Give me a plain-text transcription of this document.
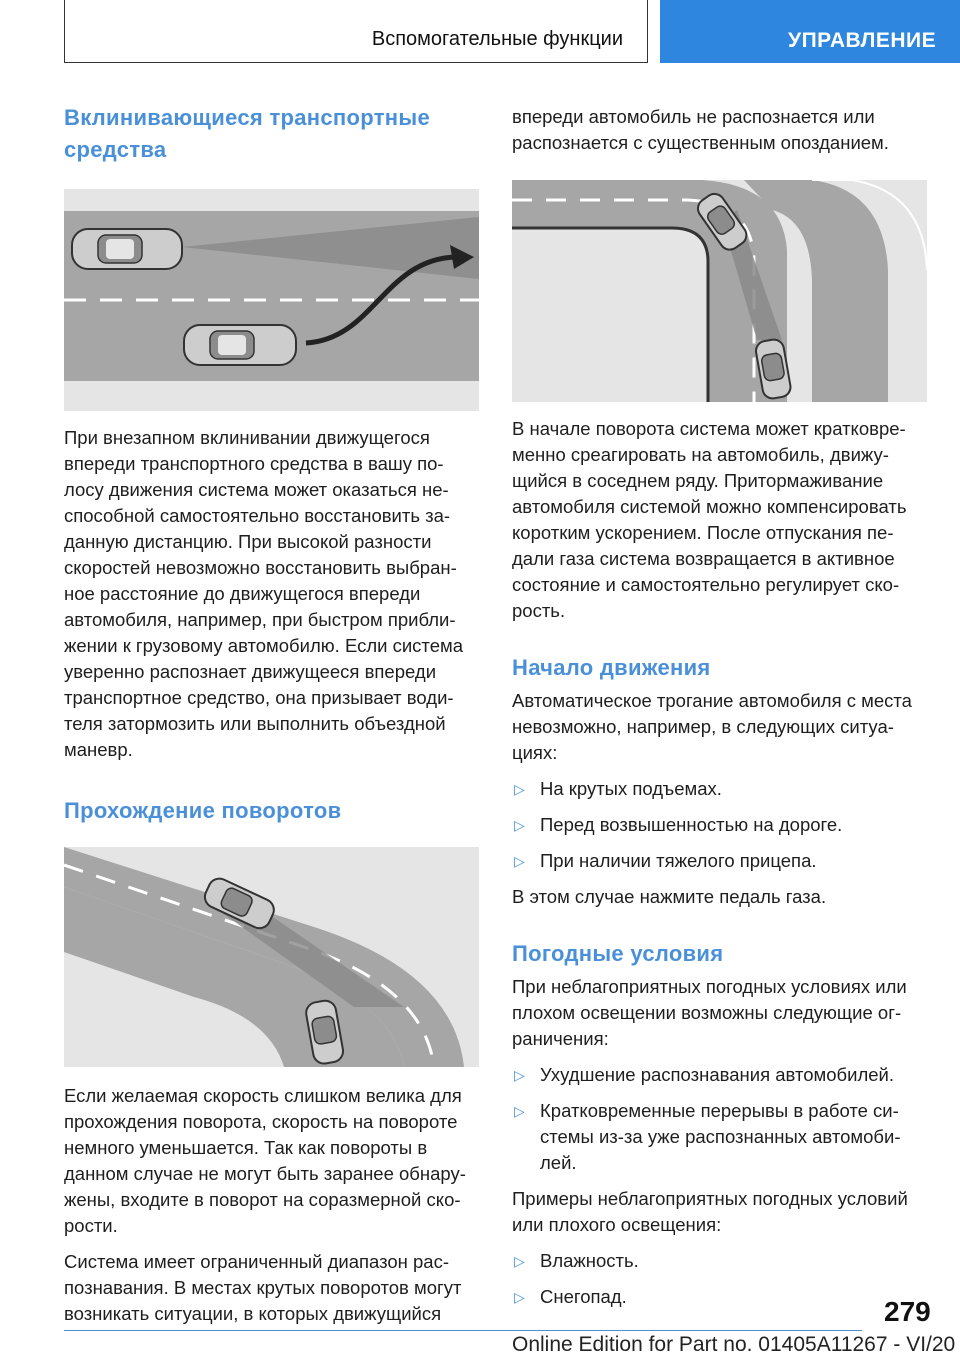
Вспомогательные функции	УПРАВЛЕНИЕ
Вклинивающиеся транспортные средства

При внезапном вклинивании движущегося

впереди транспортного средства в вашу по-

лосу движения система может оказаться не-

способной самостоятельно восстановить за-

данную дистанцию. При высокой разности

скоростей невозможно восстановить выбран-

ное расстояние до движущегося впереди

автомобиля, например, при быстром прибли-

жении к грузовому автомобилю. Если система

уверенно распознает движущееся впереди

транспортное средство, она призывает води-

теля затормозить или выполнить объездной

маневр.

Прохождение поворотов

Если желаемая скорость слишком велика для

прохождения поворота, скорость на повороте

немного уменьшается. Так как повороты в

данном случае не могут быть заранее обнару-

жены, входите в поворот на соразмерной ско-

рости.

Система имеет ограниченный диапазон рас-

познавания. В местах крутых поворотов могут

возникать ситуации, в которых движущийся

впереди автомобиль не распознается или

распознается с существенным опозданием.

В начале поворота система может кратковре-

менно среагировать на автомобиль, движу-

щийся в соседнем ряду. Притормаживание

автомобиля системой можно компенсировать

коротким ускорением. После отпускания пе-

дали газа система возвращается в активное

состояние и самостоятельно регулирует ско-

рость.

Начало движения

Автоматическое трогание автомобиля с места

невозможно, например, в следующих ситуа-

циях:

▷ На крутых подъемах.
▷ Перед возвышенностью на дороге.
▷ При наличии тяжелого прицепа.

В этом случае нажмите педаль газа.

Погодные условия

При неблагоприятных погодных условиях или

плохом освещении возможны следующие ог-

раничения:

▷ Ухудшение распознавания автомобилей.
▷ Кратковременные перерывы в работе си-
стемы из-за уже распознанных автомоби-
лей.

Примеры неблагоприятных погодных условий

или плохого освещения:

▷ Влажность.
▷ Снегопад.	279
Online Edition for Part no. 01405A11267 - VI/20
